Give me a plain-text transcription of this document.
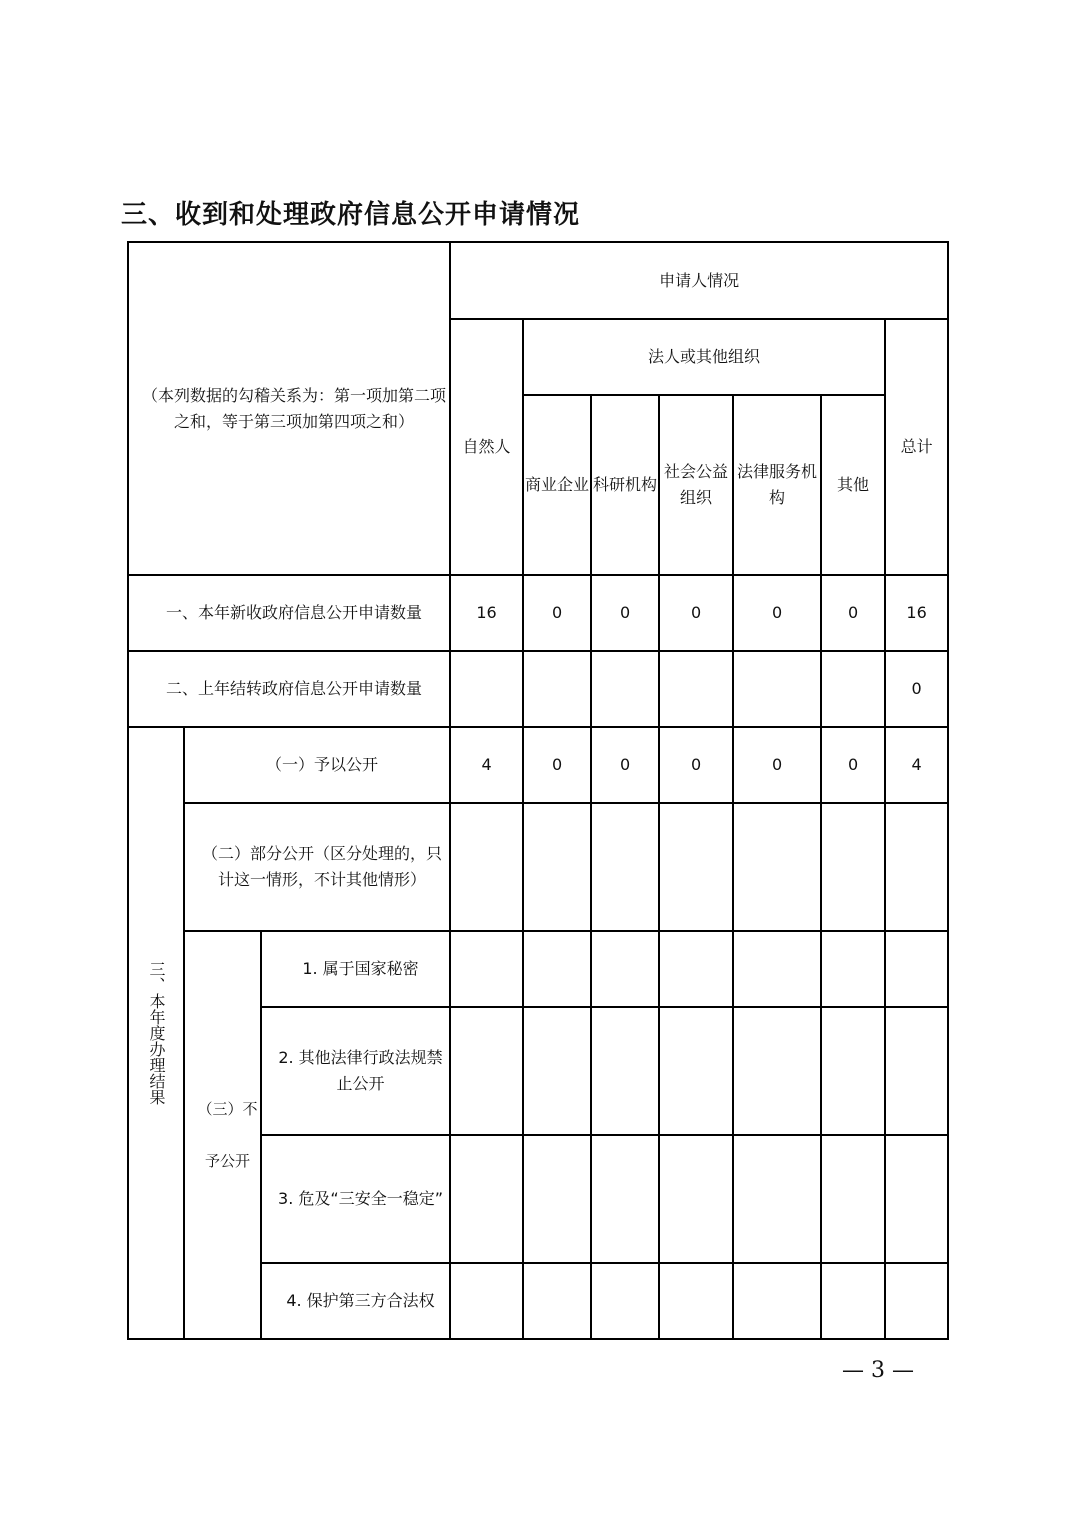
三、收到和处理政府信息公开申请情况
（本列数据的勾稽关系为：第一项加第二项之和，等于第三项加第四项之和）			申请人情况						
			自然人	法人或其他组织					总计
				商业企业	科研机构	社会公益组织	法律服务机构	其他	
一、本年新收政府信息公开申请数量			16	0	0	0	0	0	16
二、上年结转政府信息公开申请数量									0
三、本年度办理结果	（一）予以公开		4	0	0	0	0	0	4
	（二）部分公开（区分处理的，只计这一情形，不计其他情形）								
	（三）不予公开	1. 属于国家秘密							
		2. 其他法律行政法规禁止公开							
		3. 危及“三安全一稳定”							
		4. 保护第三方合法权							
— 3 —
